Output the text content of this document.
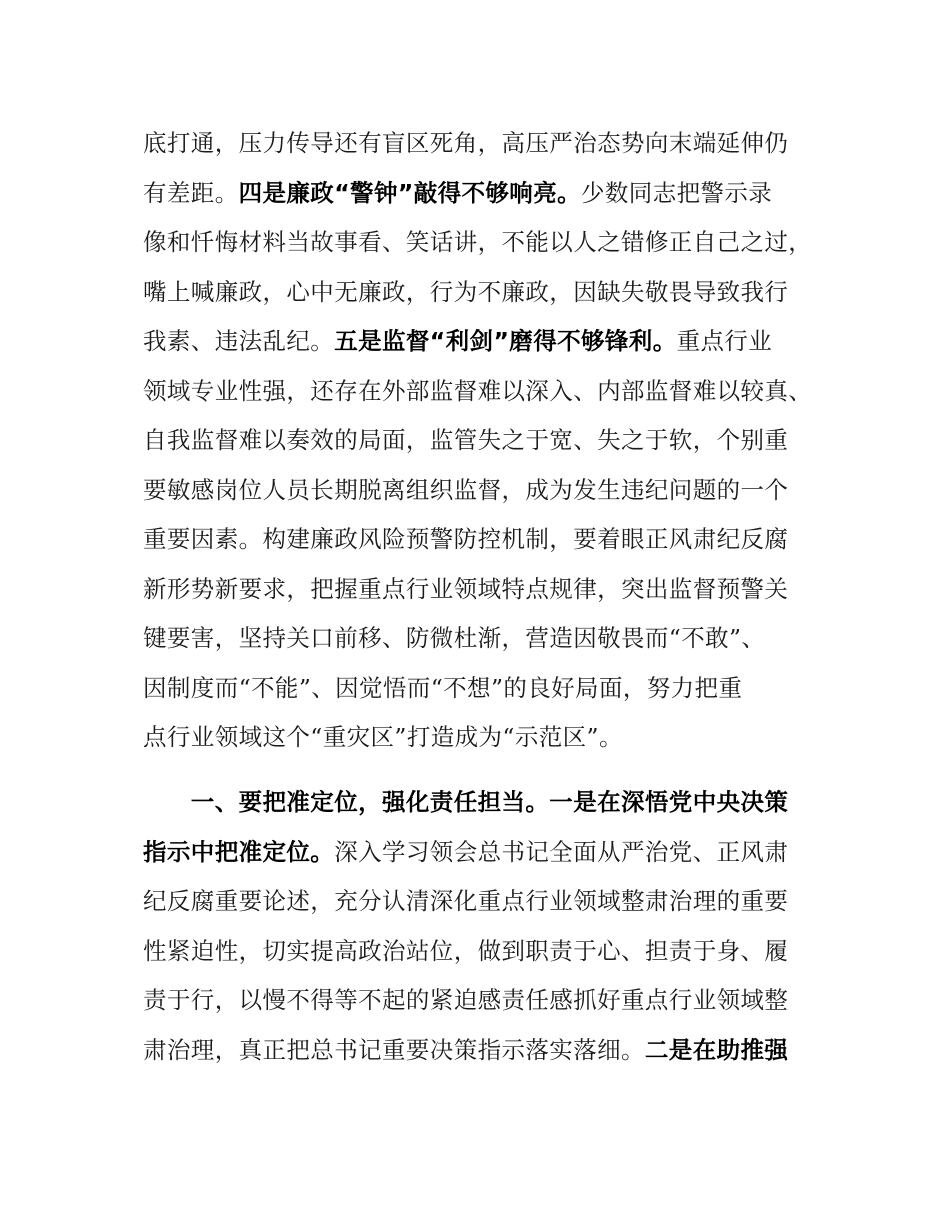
底打通，压力传导还有盲区死角，高压严治态势向末端延伸仍
有差距。四是廉政“警钟”敲得不够响亮。少数同志把警示录
像和忏悔材料当故事看、笑话讲，不能以人之错修正自己之过，
嘴上喊廉政，心中无廉政，行为不廉政，因缺失敬畏导致我行
我素、违法乱纪。五是监督“利剑”磨得不够锋利。重点行业
领域专业性强，还存在外部监督难以深入、内部监督难以较真、
自我监督难以奏效的局面，监管失之于宽、失之于软，个别重
要敏感岗位人员长期脱离组织监督，成为发生违纪问题的一个
重要因素。构建廉政风险预警防控机制，要着眼正风肃纪反腐
新形势新要求，把握重点行业领域特点规律，突出监督预警关
键要害，坚持关口前移、防微杜渐，营造因敬畏而“不敢”、
因制度而“不能”、因觉悟而“不想”的良好局面，努力把重
点行业领域这个“重灾区”打造成为“示范区”。
　　一、要把准定位，强化责任担当。一是在深悟党中央决策
指示中把准定位。深入学习领会总书记全面从严治党、正风肃
纪反腐重要论述，充分认清深化重点行业领域整肃治理的重要
性紧迫性，切实提高政治站位，做到职责于心、担责于身、履
责于行，以慢不得等不起的紧迫感责任感抓好重点行业领域整
肃治理，真正把总书记重要决策指示落实落细。二是在助推强
